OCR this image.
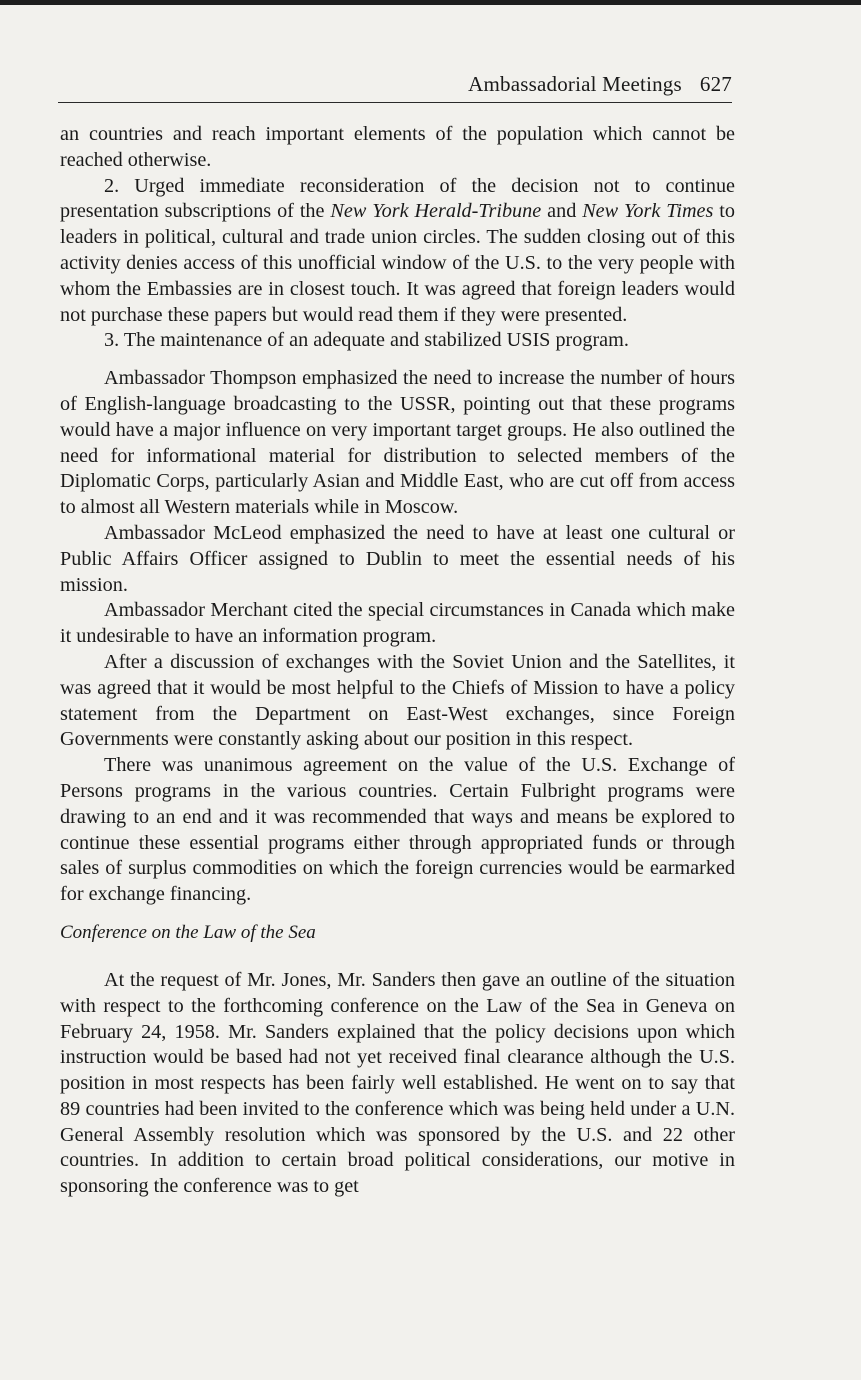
Ambassadorial Meetings 627

an countries and reach important elements of the population which cannot be reached otherwise.

2. Urged immediate reconsideration of the decision not to continue presentation subscriptions of the New York Herald-Tribune and New York Times to leaders in political, cultural and trade union circles. The sudden closing out of this activity denies access of this unofficial window of the U.S. to the very people with whom the Embassies are in closest touch. It was agreed that foreign leaders would not purchase these papers but would read them if they were presented.

3. The maintenance of an adequate and stabilized USIS program.

Ambassador Thompson emphasized the need to increase the number of hours of English-language broadcasting to the USSR, pointing out that these programs would have a major influence on very important target groups. He also outlined the need for informational material for distribution to selected members of the Diplomatic Corps, particularly Asian and Middle East, who are cut off from access to almost all Western materials while in Moscow.

Ambassador McLeod emphasized the need to have at least one cultural or Public Affairs Officer assigned to Dublin to meet the essential needs of his mission.

Ambassador Merchant cited the special circumstances in Canada which make it undesirable to have an information program.

After a discussion of exchanges with the Soviet Union and the Satellites, it was agreed that it would be most helpful to the Chiefs of Mission to have a policy statement from the Department on East-West exchanges, since Foreign Governments were constantly asking about our position in this respect.

There was unanimous agreement on the value of the U.S. Exchange of Persons programs in the various countries. Certain Fulbright programs were drawing to an end and it was recommended that ways and means be explored to continue these essential programs either through appropriated funds or through sales of surplus commodities on which the foreign currencies would be earmarked for exchange financing.

Conference on the Law of the Sea

At the request of Mr. Jones, Mr. Sanders then gave an outline of the situation with respect to the forthcoming conference on the Law of the Sea in Geneva on February 24, 1958. Mr. Sanders explained that the policy decisions upon which instruction would be based had not yet received final clearance although the U.S. position in most respects has been fairly well established. He went on to say that 89 countries had been invited to the conference which was being held under a U.N. General Assembly resolution which was sponsored by the U.S. and 22 other countries. In addition to certain broad political considerations, our motive in sponsoring the conference was to get
